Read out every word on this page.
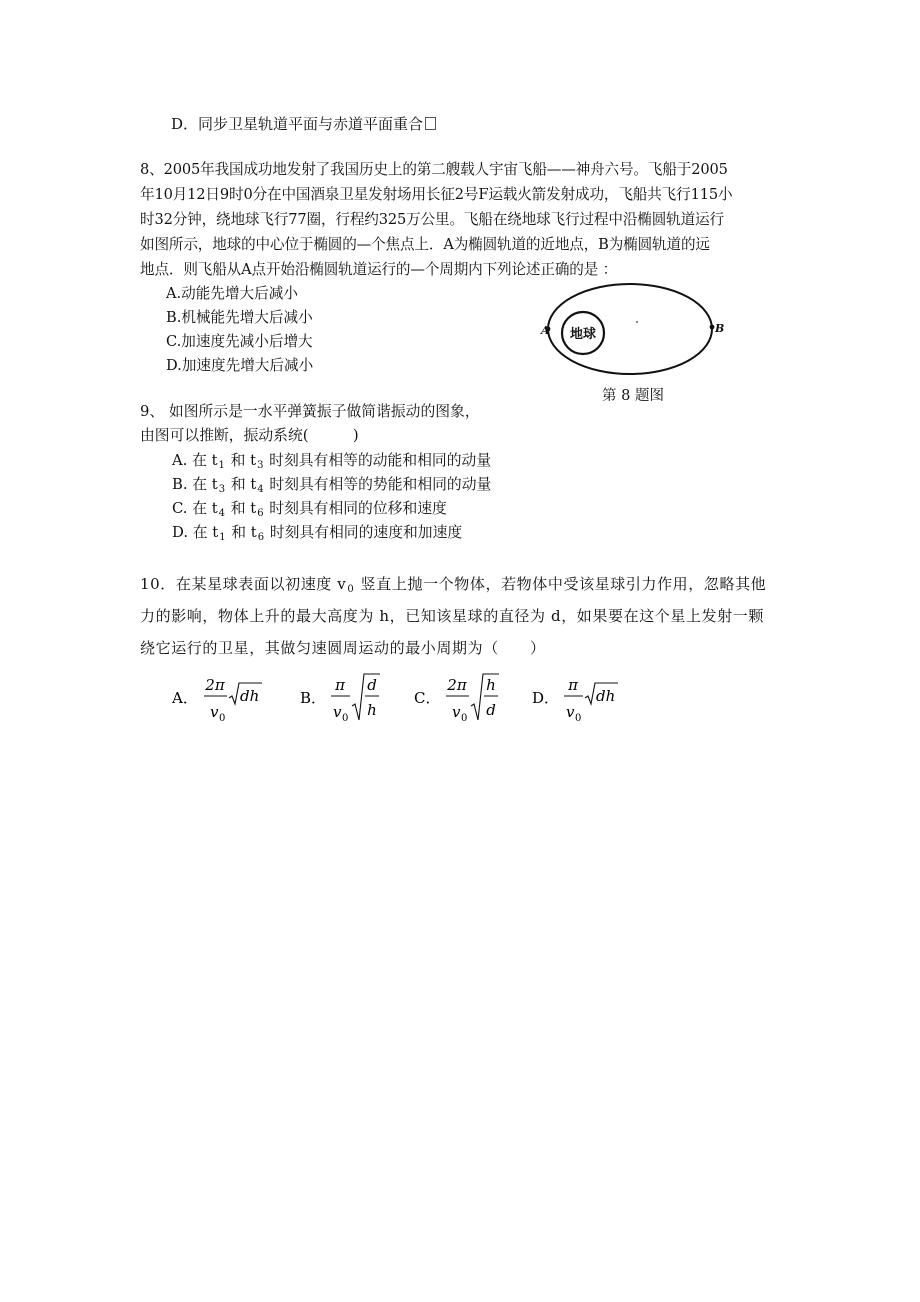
D．同步卫星轨道平面与赤道平面重合
8、2005年我国成功地发射了我国历史上的第二艘载人宇宙飞船——神舟六号。飞船于2005
年10月12日9时0分在中国酒泉卫星发射场用长征2号F运载火箭发射成功，飞船共飞行115小
时32分钟，绕地球飞行77圈，行程约325万公里。飞船在绕地球飞行过程中沿椭圆轨道运行
如图所示，地球的中心位于椭圆的—个焦点上．A为椭圆轨道的近地点，B为椭圆轨道的远
地点．则飞船从A点开始沿椭圆轨道运行的—个周期内下列论述正确的是 ：
A.动能先增大后减小
B.机械能先增大后减小
C.加速度先减小后增大
D.加速度先增大后减小
地球
A	B
第 8 题图
9、 如图所示是一水平弹簧振子做简谐振动的图象，
由图可以推断，振动系统(　　　)
A. 在 $t_1$ 和 $t_3$ 时刻具有相等的动能和相同的动量
B. 在 $t_3$ 和 $t_4$ 时刻具有相等的势能和相同的动量
C. 在 $t_4$ 和 $t_6$ 时刻具有相同的位移和速度
D. 在 $t_1$ 和 $t_6$ 时刻具有相同的速度和加速度
10．在某星球表面以初速度 $v_0$ 竖直上抛一个物体，若物体中受该星球引力作用，忽略其他
力的影响，物体上升的最大高度为 h，已知该星球的直径为 d，如果要在这个星上发射一颗
绕它运行的卫星，其做匀速圆周运动的最小周期为（　　）
A．
2π
v 0
dh	B．
π
v 0
d
h
C．
2π
v 0
h
d
D．
π
v 0
dh
